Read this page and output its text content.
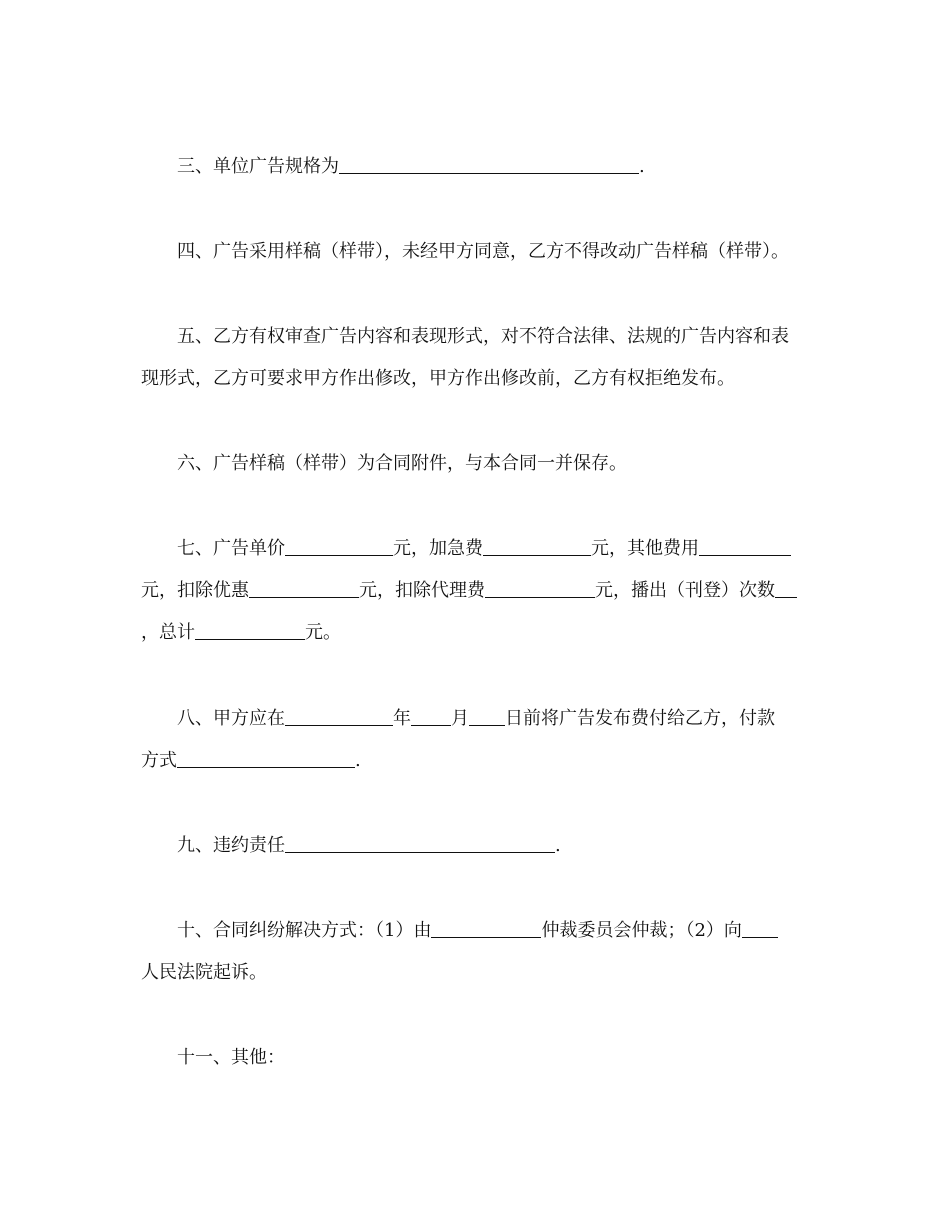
三、单位广告规格为	.
四、广告采用样稿（样带），未经甲方同意，乙方不得改动广告样稿（样带）。
五、乙方有权审查广告内容和表现形式，对不符合法律、法规的广告内容和表
现形式，乙方可要求甲方作出修改，甲方作出修改前，乙方有权拒绝发布。
六、广告样稿（样带）为合同附件，与本合同一并保存。
七、广告单价	元，加急费	元，其他费用
元，扣除优惠	元，扣除代理费	元，播出（刊登）次数
，总计	元。
八、甲方应在	年 月 日前将广告发布费付给乙方，付款
方式	.
九、违约责任	.
十、合同纠纷解决方式：（1）由	仲裁委员会仲裁；（2）向
人民法院起诉。
十一、其他：
